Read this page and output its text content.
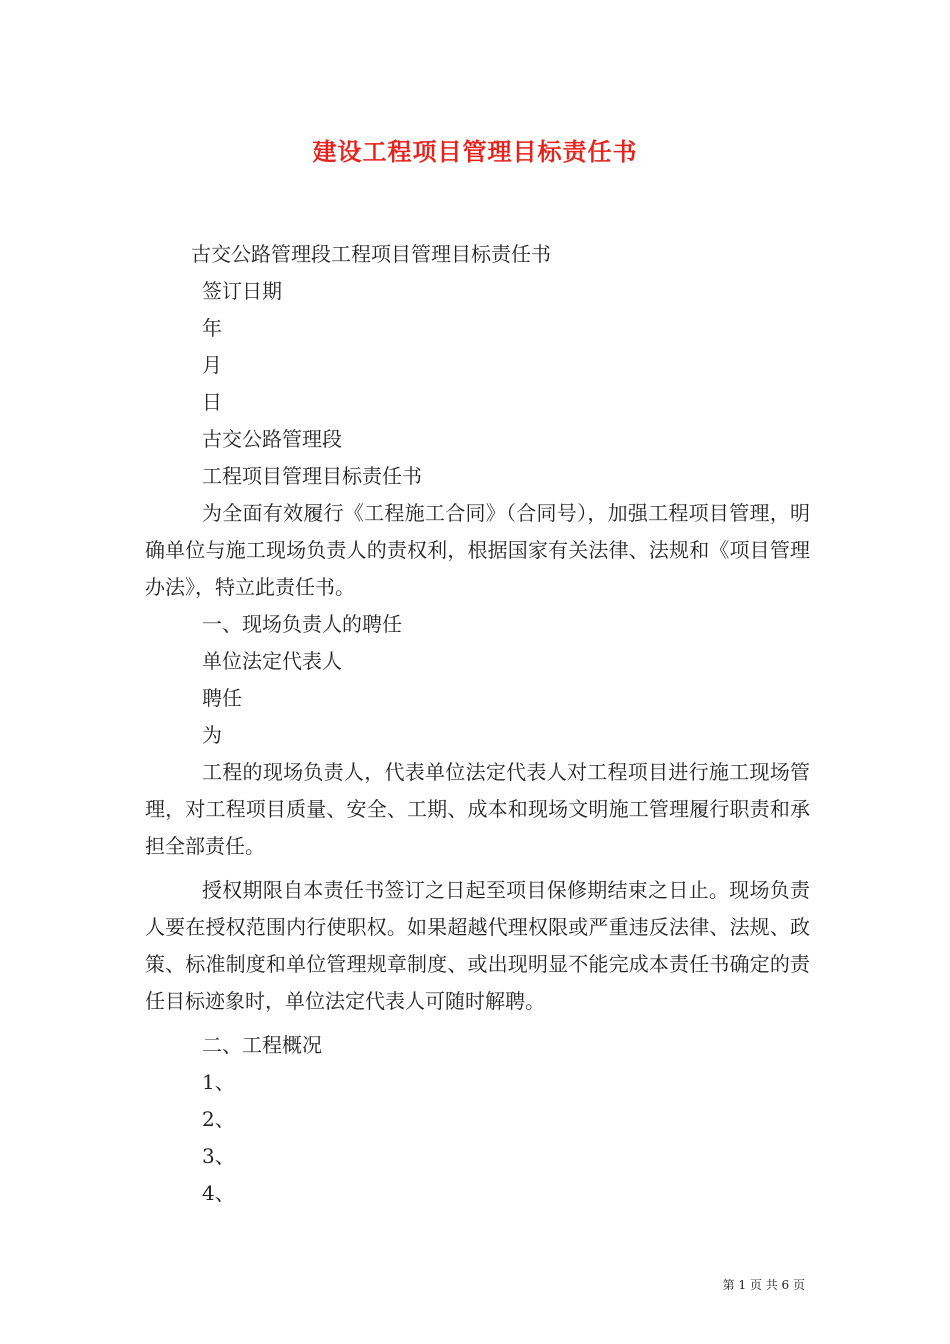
建设工程项目管理目标责任书

古交公路管理段工程项目管理目标责任书

签订日期

年

月

日

古交公路管理段

工程项目管理目标责任书

为全面有效履行《工程施工合同》（合同号），加强工程项目管理，明确单位与施工现场负责人的责权利，根据国家有关法律、法规和《项目管理办法》，特立此责任书。

一、现场负责人的聘任

单位法定代表人

聘任

为

工程的现场负责人，代表单位法定代表人对工程项目进行施工现场管理，对工程项目质量、安全、工期、成本和现场文明施工管理履行职责和承担全部责任。

授权期限自本责任书签订之日起至项目保修期结束之日止。现场负责人要在授权范围内行使职权。如果超越代理权限或严重违反法律、法规、政策、标准制度和单位管理规章制度、或出现明显不能完成本责任书确定的责任目标迹象时，单位法定代表人可随时解聘。

二、工程概况

1、

2、

3、

4、

第 1 页 共 6 页
